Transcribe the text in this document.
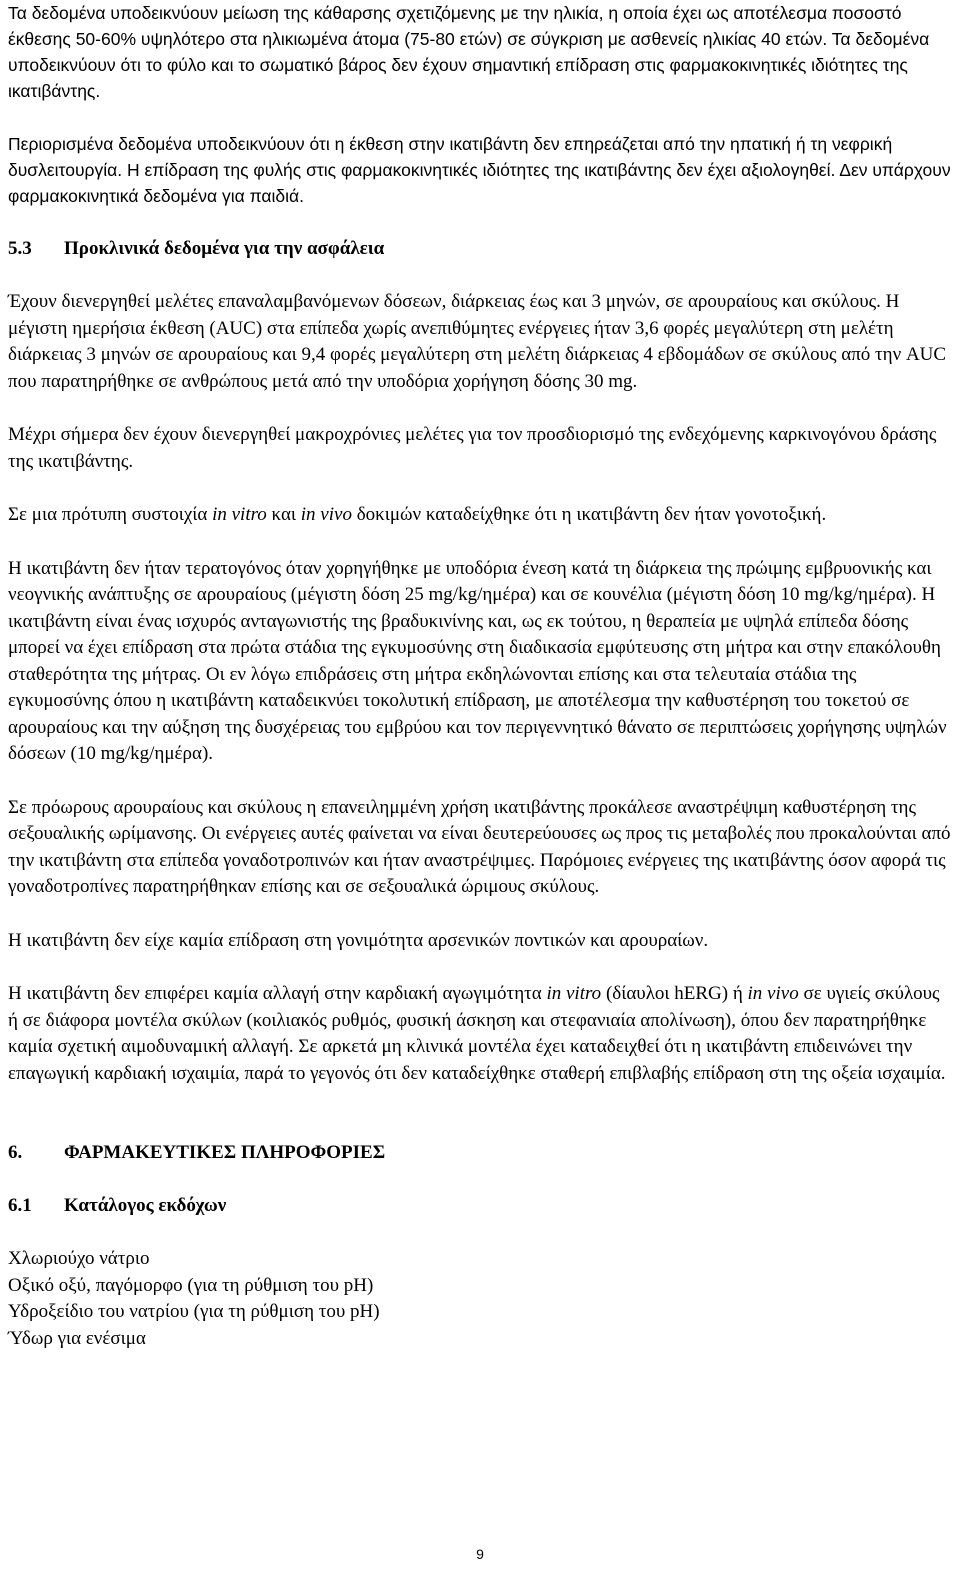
Τα δεδομένα υποδεικνύουν μείωση της κάθαρσης σχετιζόμενης με την ηλικία, η οποία έχει ως αποτέλεσμα ποσοστό έκθεσης 50-60% υψηλότερο στα ηλικιωμένα άτομα (75-80 ετών) σε σύγκριση με ασθενείς ηλικίας 40 ετών. Τα δεδομένα υποδεικνύουν ότι το φύλο και το σωματικό βάρος δεν έχουν σημαντική επίδραση στις φαρμακοκινητικές ιδιότητες της ικατιβάντης.

Περιορισμένα δεδομένα υποδεικνύουν ότι η έκθεση στην ικατιβάντη δεν επηρεάζεται από την ηπατική ή τη νεφρική δυσλειτουργία. Η επίδραση της φυλής στις φαρμακοκινητικές ιδιότητες της ικατιβάντης δεν έχει αξιολογηθεί. Δεν υπάρχουν φαρμακοκινητικά δεδομένα για παιδιά.

5.3	Προκλινικά δεδομένα για την ασφάλεια

Έχουν διενεργηθεί μελέτες επαναλαμβανόμενων δόσεων, διάρκειας έως και 3 μηνών, σε αρουραίους και σκύλους. Η μέγιστη ημερήσια έκθεση (AUC) στα επίπεδα χωρίς ανεπιθύμητες ενέργειες ήταν 3,6 φορές μεγαλύτερη στη μελέτη διάρκειας 3 μηνών σε αρουραίους και 9,4 φορές μεγαλύτερη στη μελέτη διάρκειας 4 εβδομάδων σε σκύλους από την AUC που παρατηρήθηκε σε ανθρώπους μετά από την υποδόρια χορήγηση δόσης 30 mg.

Μέχρι σήμερα δεν έχουν διενεργηθεί μακροχρόνιες μελέτες για τον προσδιορισμό της ενδεχόμενης καρκινογόνου δράσης της ικατιβάντης.

Σε μια πρότυπη συστοιχία in vitro και in vivo δοκιμών καταδείχθηκε ότι η ικατιβάντη δεν ήταν γονοτοξική.

Η ικατιβάντη δεν ήταν τερατογόνος όταν χορηγήθηκε με υποδόρια ένεση κατά τη διάρκεια της πρώιμης εμβρυονικής και νεογνικής ανάπτυξης σε αρουραίους (μέγιστη δόση 25 mg/kg/ημέρα) και σε κουνέλια (μέγιστη δόση 10 mg/kg/ημέρα). Η ικατιβάντη είναι ένας ισχυρός ανταγωνιστής της βραδυκινίνης και, ως εκ τούτου, η θεραπεία με υψηλά επίπεδα δόσης μπορεί να έχει επίδραση στα πρώτα στάδια της εγκυμοσύνης στη διαδικασία εμφύτευσης στη μήτρα και στην επακόλουθη σταθερότητα της μήτρας. Οι εν λόγω επιδράσεις στη μήτρα εκδηλώνονται επίσης και στα τελευταία στάδια της εγκυμοσύνης όπου η ικατιβάντη καταδεικνύει τοκολυτική επίδραση, με αποτέλεσμα την καθυστέρηση του τοκετού σε αρουραίους και την αύξηση της δυσχέρειας του εμβρύου και τον περιγεννητικό θάνατο σε περιπτώσεις χορήγησης υψηλών δόσεων (10 mg/kg/ημέρα).

Σε πρόωρους αρουραίους και σκύλους η επανειλημμένη χρήση ικατιβάντης προκάλεσε αναστρέψιμη καθυστέρηση της σεξουαλικής ωρίμανσης. Οι ενέργειες αυτές φαίνεται να είναι δευτερεύουσες ως προς τις μεταβολές που προκαλούνται από την ικατιβάντη στα επίπεδα γοναδοτροπινών και ήταν αναστρέψιμες. Παρόμοιες ενέργειες της ικατιβάντης όσον αφορά τις γοναδοτροπίνες παρατηρήθηκαν επίσης και σε σεξουαλικά ώριμους σκύλους.

Η ικατιβάντη δεν είχε καμία επίδραση στη γονιμότητα αρσενικών ποντικών και αρουραίων.

Η ικατιβάντη δεν επιφέρει καμία αλλαγή στην καρδιακή αγωγιμότητα in vitro (δίαυλοι hERG) ή in vivo σε υγιείς σκύλους ή σε διάφορα μοντέλα σκύλων (κοιλιακός ρυθμός, φυσική άσκηση και στεφανιαία απολίνωση), όπου δεν παρατηρήθηκε καμία σχετική αιμοδυναμική αλλαγή. Σε αρκετά μη κλινικά μοντέλα έχει καταδειχθεί ότι η ικατιβάντη επιδεινώνει την επαγωγική καρδιακή ισχαιμία, παρά το γεγονός ότι δεν καταδείχθηκε σταθερή επιβλαβής επίδραση στη της οξεία ισχαιμία.

6.	ΦΑΡΜΑΚΕΥΤΙΚΕΣ ΠΛΗΡΟΦΟΡΙΕΣ
6.1	Κατάλογος εκδόχων
Χλωριούχο νάτριο
Οξικό οξύ, παγόμορφο (για τη ρύθμιση του pH)
Υδροξείδιο του νατρίου (για τη ρύθμιση του pH)
Ύδωρ για ενέσιμα
9
